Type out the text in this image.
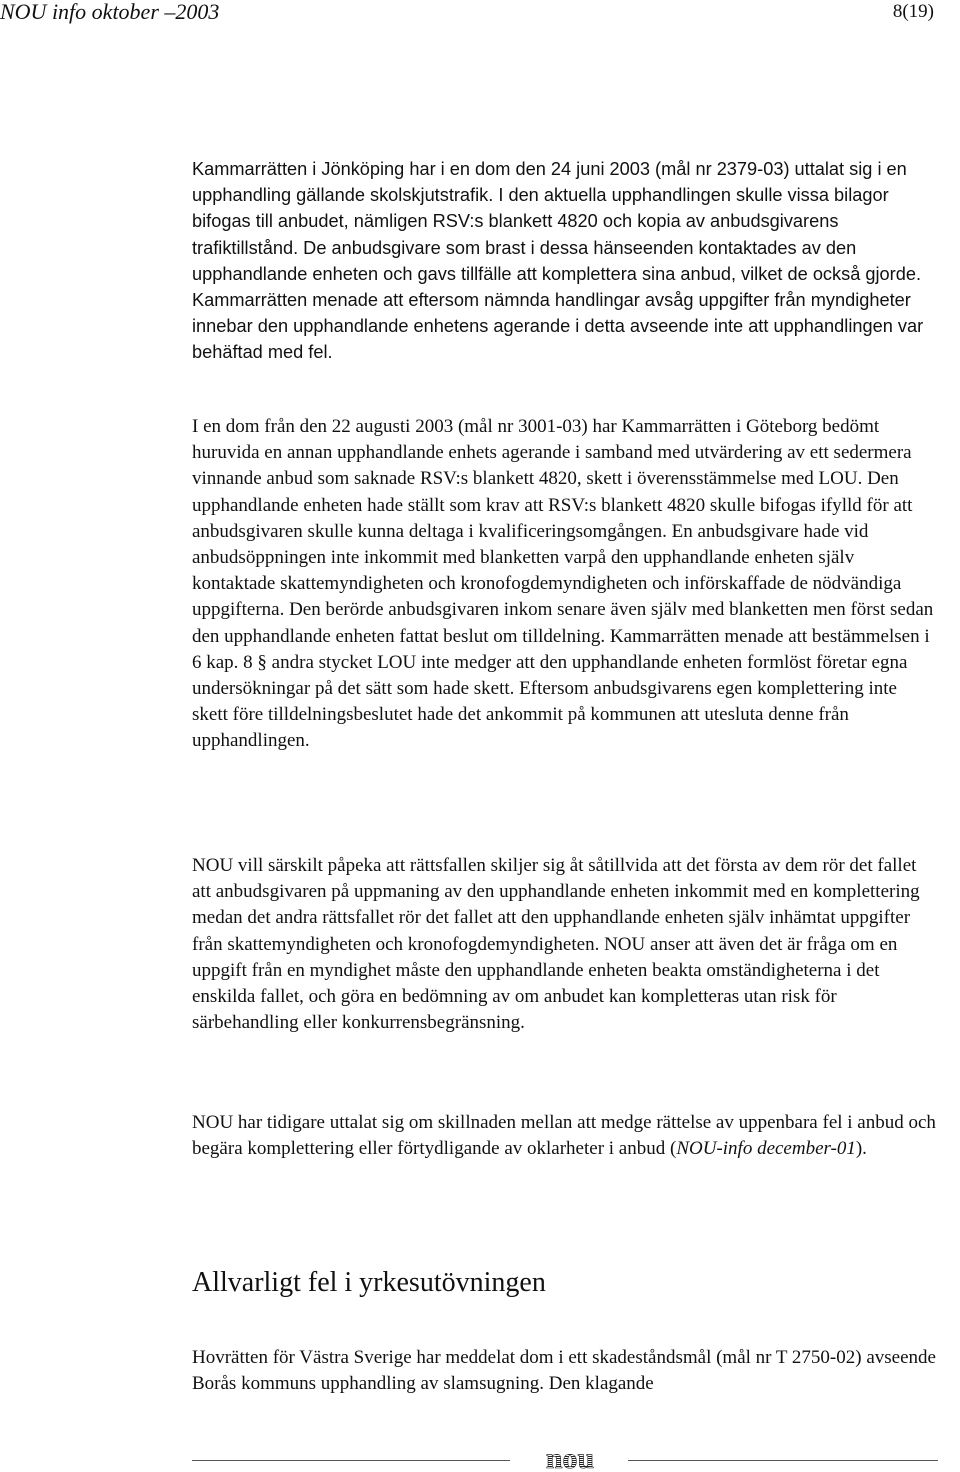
NOU info oktober –2003	8(19)

Kammarrätten i Jönköping har i en dom den 24 juni 2003 (mål nr 2379-03) uttalat sig i en upphandling gällande skolskjutstrafik. I den aktuella upphandlingen skulle vissa bilagor bifogas till anbudet, nämligen RSV:s blankett 4820 och kopia av anbudsgivarens trafiktillstånd. De anbudsgivare som brast i dessa hänseenden kontaktades av den upphandlande enheten och gavs tillfälle att komplettera sina anbud, vilket de också gjorde. Kammarrätten menade att eftersom nämnda handlingar avsåg uppgifter från myndigheter innebar den upphandlande enhetens agerande i detta avseende inte att upphandlingen var behäftad med fel.

I en dom från den 22 augusti 2003 (mål nr 3001-03) har Kammarrätten i Göteborg bedömt huruvida en annan upphandlande enhets agerande i samband med utvärdering av ett sedermera vinnande anbud som saknade RSV:s blankett 4820, skett i överensstämmelse med LOU. Den upphandlande enheten hade ställt som krav att RSV:s blankett 4820 skulle bifogas ifylld för att anbudsgivaren skulle kunna deltaga i kvalificeringsomgången. En anbudsgivare hade vid anbudsöppningen inte inkommit med blanketten varpå den upphandlande enheten själv kontaktade skattemyndigheten och kronofogdemyndigheten och införskaffade de nödvändiga uppgifterna. Den berörde anbudsgivaren inkom senare även själv med blanketten men först sedan den upphandlande enheten fattat beslut om tilldelning. Kammarrätten menade att bestämmelsen i 6 kap. 8 § andra stycket LOU inte medger att den upphandlande enheten formlöst företar egna undersökningar på det sätt som hade skett. Eftersom anbudsgivarens egen komplettering inte skett före tilldelningsbeslutet hade det ankommit på kommunen att utesluta denne från upphandlingen.

NOU vill särskilt påpeka att rättsfallen skiljer sig åt såtillvida att det första av dem rör det fallet att anbudsgivaren på uppmaning av den upphandlande enheten inkommit med en komplettering medan det andra rättsfallet rör det fallet att den upphandlande enheten själv inhämtat uppgifter från skattemyndigheten och kronofogdemyndigheten. NOU anser att även det är fråga om en uppgift från en myndighet måste den upphandlande enheten beakta omständigheterna i det enskilda fallet, och göra en bedömning av om anbudet kan kompletteras utan risk för särbehandling eller konkurrensbegränsning.

NOU har tidigare uttalat sig om skillnaden mellan att medge rättelse av uppenbara fel i anbud och begära komplettering eller förtydligande av oklarheter i anbud (NOU-info december-01).

Allvarligt fel i yrkesutövningen

Hovrätten för Västra Sverige har meddelat dom i ett skadeståndsmål (mål nr T 2750-02) avseende Borås kommuns upphandling av slamsugning. Den klagande

nou
